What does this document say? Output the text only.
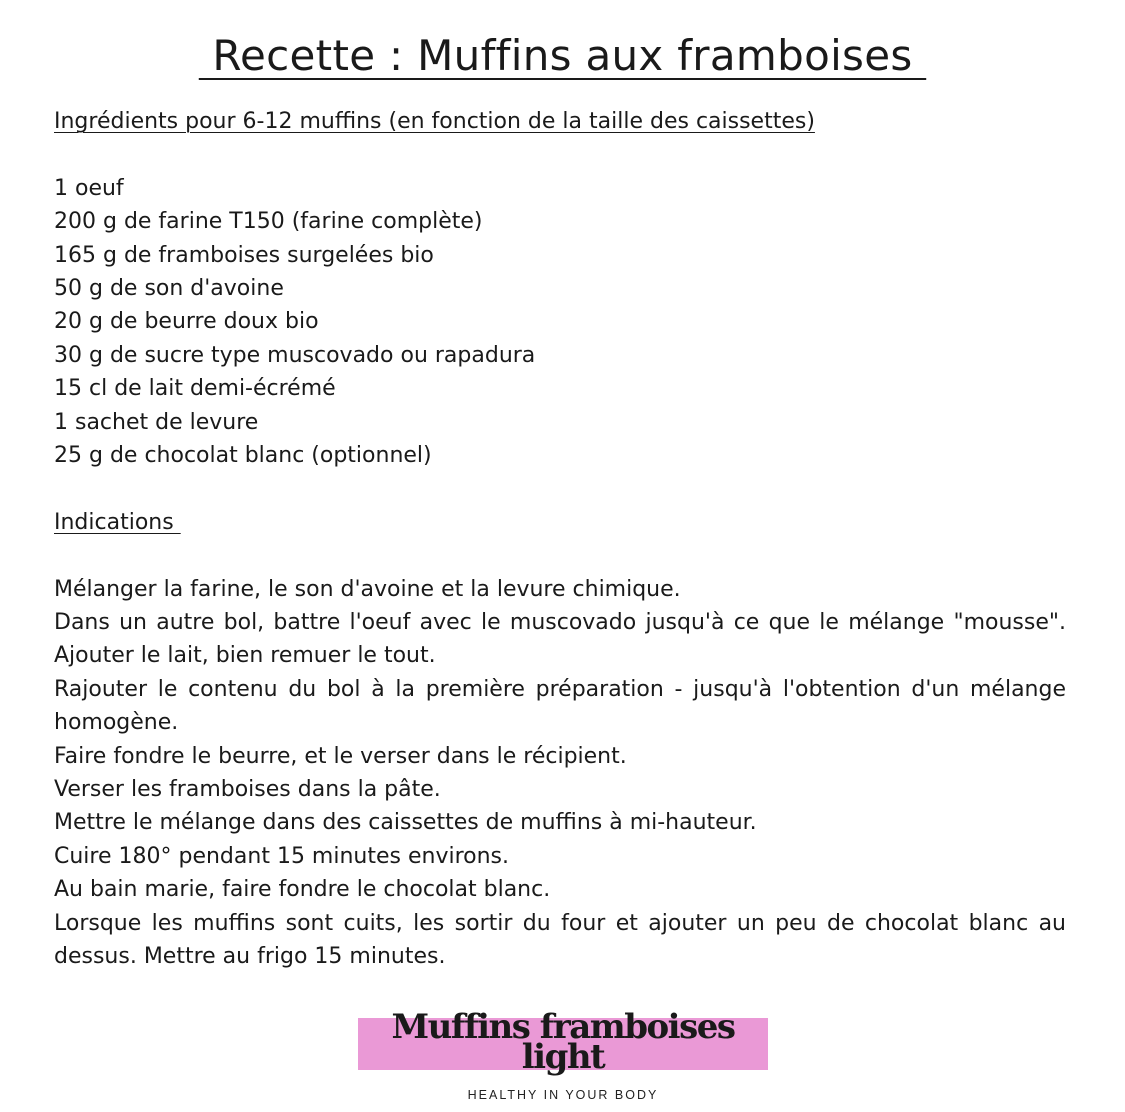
Recette : Muffins aux framboises

Ingrédients pour 6-12 muffins (en fonction de la taille des caissettes)

1 oeuf
200 g de farine T150 (farine complète)
165 g de framboises surgelées bio
50 g de son d'avoine
20 g de beurre doux bio
30 g de sucre type muscovado ou rapadura
15 cl de lait demi-écrémé
1 sachet de levure
25 g de chocolat blanc (optionnel)

Indications

Mélanger la farine, le son d'avoine et la levure chimique.

Dans un autre bol, battre l'oeuf avec le muscovado jusqu'à ce que le mélange "mousse". Ajouter le lait, bien remuer le tout.

Rajouter le contenu du bol à la première préparation - jusqu'à l'obtention d'un mélange homogène.

Faire fondre le beurre, et le verser dans le récipient.

Verser les framboises dans la pâte.

Mettre le mélange dans des caissettes de muffins à mi-hauteur.

Cuire 180° pendant 15 minutes environs.

Au bain marie, faire fondre le chocolat blanc.

Lorsque les muffins sont cuits, les sortir du four et ajouter un peu de chocolat blanc au dessus. Mettre au frigo 15 minutes.

Muffins framboises
light
HEALTHY IN YOUR BODY
